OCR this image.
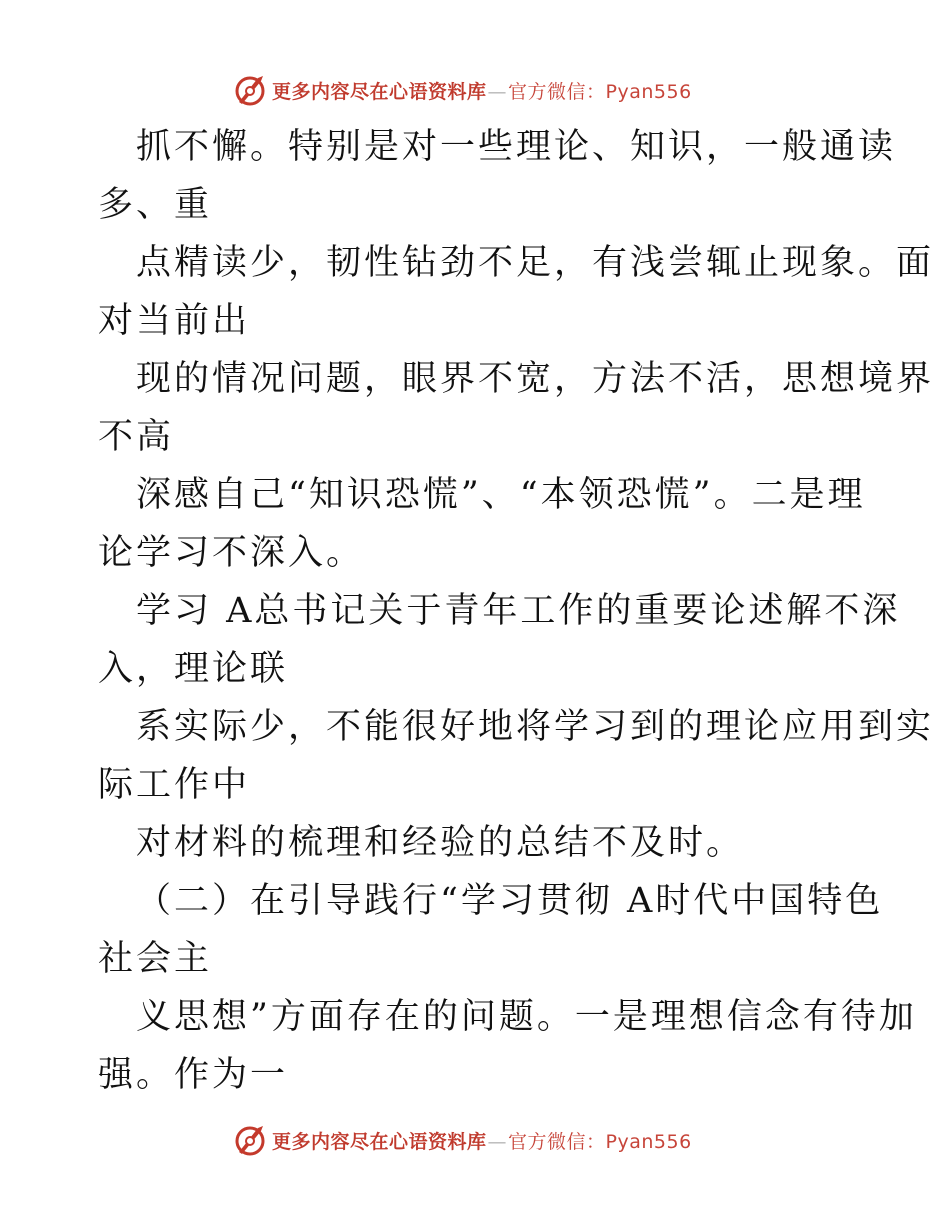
更多内容尽在心语资料库—官方微信：Pyan556
抓不懈。特别是对一些理论、知识，一般通读
多、重
点精读少，韧性钻劲不足，有浅尝辄止现象。面
对当前出
现的情况问题，眼界不宽，方法不活，思想境界
不高
深感自己“知识恐慌”、“本领恐慌”。二是理
论学习不深入。
学习 A总书记关于青年工作的重要论述解不深
入，理论联
系实际少，不能很好地将学习到的理论应用到实
际工作中
对材料的梳理和经验的总结不及时。
（二）在引导践行“学习贯彻 A时代中国特色
社会主
义思想”方面存在的问题。一是理想信念有待加
强。作为一
更多内容尽在心语资料库—官方微信：Pyan556
